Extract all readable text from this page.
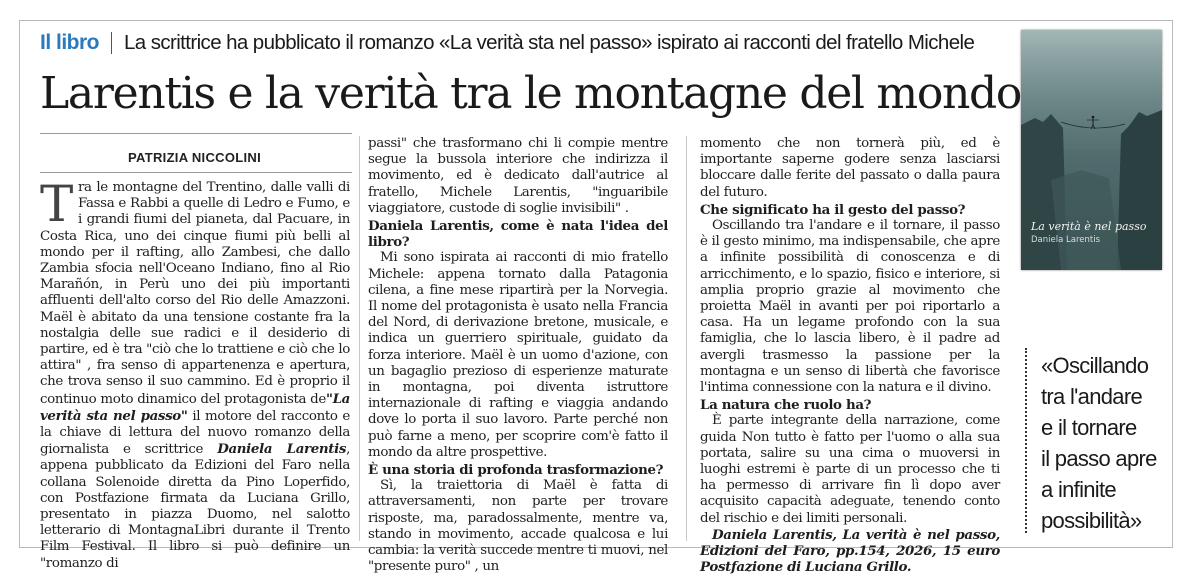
Il libro La scrittrice ha pubblicato il romanzo «La verità sta nel passo» ispirato ai racconti del fratello Michele
Larentis e la verità tra le montagne del mondo
PATRIZIA NICCOLINI

Tra le montagne del Trentino, dalle valli di Fassa e Rabbi a quelle di Ledro e Fumo, e i grandi fiumi del pianeta, dal Pacuare, in Costa Rica, uno dei cinque fiumi più belli al mondo per il rafting, allo Zambesi, che dallo Zambia sfocia nell'Oceano Indiano, fino al Rio Marañón, in Perù uno dei più importanti affluenti dell'alto corso del Rio delle Amazzoni. Maël è abitato da una tensione costante fra la nostalgia delle sue radici e il desiderio di partire, ed è tra "ciò che lo trattiene e ciò che lo attira" , fra senso di appartenenza e apertura, che trova senso il suo cammino. Ed è proprio il continuo moto dinamico del protagonista de"La verità sta nel passo" il motore del racconto e la chiave di lettura del nuovo romanzo della giornalista e scrittrice Daniela Larentis, appena pubblicato da Edizioni del Faro nella collana Solenoide diretta da Pino Loperfido, con Postfazione firmata da Luciana Grillo, presentato in piazza Duomo, nel salotto letterario di MontagnaLibri durante il Trento Film Festival. Il libro si può definire un "romanzo di

passi" che trasformano chi li compie mentre segue la bussola interiore che indirizza il movimento, ed è dedicato dall'autrice al fratello, Michele Larentis, "inguaribile viaggiatore, custode di soglie invisibili" .

Daniela Larentis, come è nata l'idea del libro?

Mi sono ispirata ai racconti di mio fratello Michele: appena tornato dalla Patagonia cilena, a fine mese ripartirà per la Norvegia. Il nome del protagonista è usato nella Francia del Nord, di derivazione bretone, musicale, e indica un guerriero spirituale, guidato da forza interiore. Maël è un uomo d'azione, con un bagaglio prezioso di esperienze maturate in montagna, poi diventa istruttore internazionale di rafting e viaggia andando dove lo porta il suo lavoro. Parte perché non può farne a meno, per scoprire com'è fatto il mondo da altre prospettive.

È una storia di profonda trasformazione?

Sì, la traiettoria di Maël è fatta di attraversamenti, non parte per trovare risposte, ma, paradossalmente, mentre va, stando in movimento, accade qualcosa e lui cambia: la verità succede mentre ti muovi, nel "presente puro" , un

momento che non tornerà più, ed è importante saperne godere senza lasciarsi bloccare dalle ferite del passato o dalla paura del futuro.

Che significato ha il gesto del passo?

Oscillando tra l'andare e il tornare, il passo è il gesto minimo, ma indispensabile, che apre a infinite possibilità di conoscenza e di arricchimento, e lo spazio, fisico e interiore, si amplia proprio grazie al movimento che proietta Maël in avanti per poi riportarlo a casa. Ha un legame profondo con la sua famiglia, che lo lascia libero, è il padre ad avergli trasmesso la passione per la montagna e un senso di libertà che favorisce l'intima connessione con la natura e il divino.

La natura che ruolo ha?

È parte integrante della narrazione, come guida Non tutto è fatto per l'uomo o alla sua portata, salire su una cima o muoversi in luoghi estremi è parte di un processo che ti ha permesso di arrivare fin lì dopo aver acquisito capacità adeguate, tenendo conto del rischio e dei limiti personali.

Daniela Larentis, La verità è nel passo, Edizioni del Faro, pp.154, 2026, 15 euro Postfazione di Luciana Grillo.

La verità è nel passo
Daniela Larentis
«Oscillando
tra l'andare
e il tornare
il passo apre
a infinite
possibilità»
